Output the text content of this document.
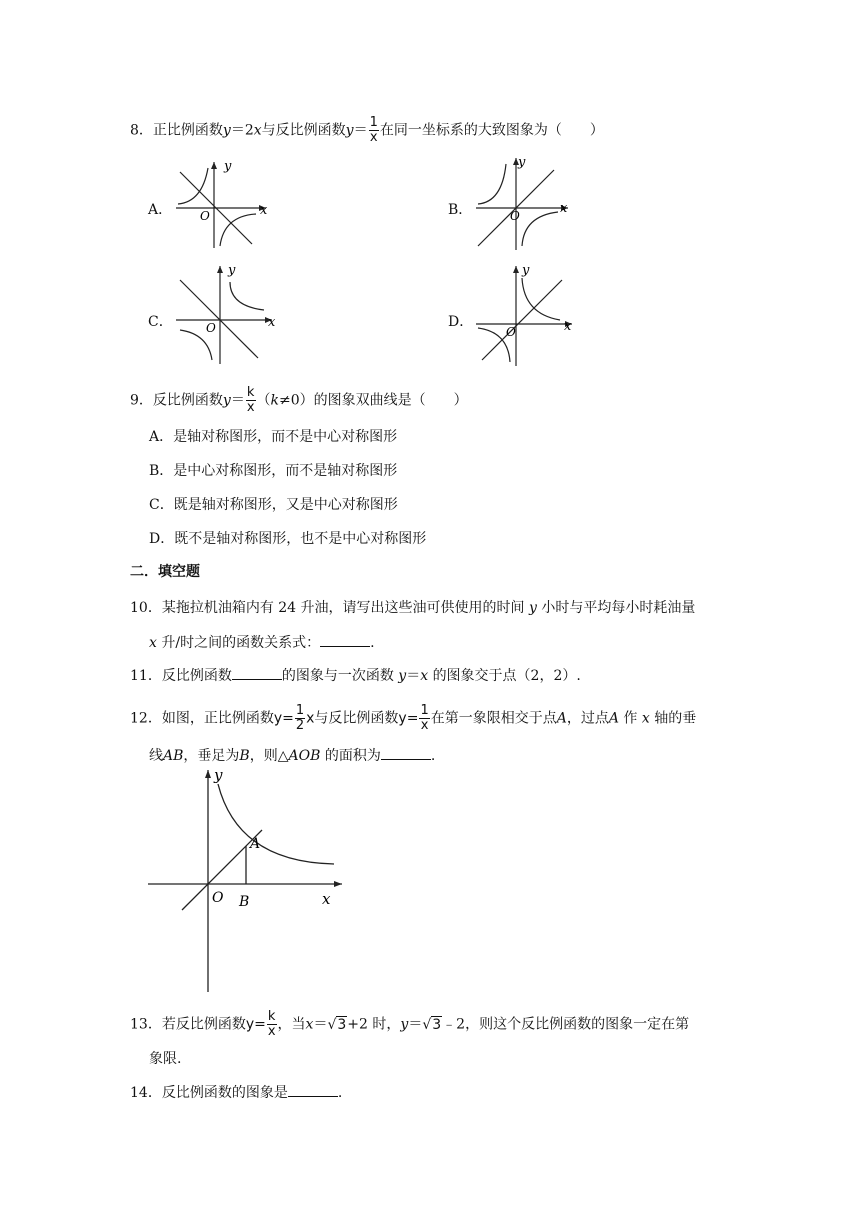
8．正比例函数y＝2x与反比例函数$y= \frac{1}{x}$ 在同一坐标系的大致图象为（　　）
A．
y
x
O	B．
y
x
O
C．
y
x
O	D．
y
x
O
9．反比例函数$y= \frac{k}{x} (k\ne 0)$的图象双曲线是（　　）
A．是轴对称图形，而不是中心对称图形
B．是中心对称图形，而不是轴对称图形
C．既是轴对称图形，又是中心对称图形
D．既不是轴对称图形，也不是中心对称图形
二．填空题
10．某拖拉机油箱内有 24 升油，请写出这些油可供使用的时间 y 小时与平均每小时耗油量
x 升/时之间的函数关系式：	.
11．反比例函数	的图象与一次函数 y＝x 的图象交于点（2，2）.
12．如图，正比例函数$y= \frac{1}{2}$ x与反比例函数$y= \frac{1}{x}$ 在第一象限相交于点A，过点A 作 x 轴的垂
线AB，垂足为B，则△AOB 的面积为	.
y
x
O
A
B
13．若反比例函数$y= \frac{k}{x}$ ，当x＝√3+2 时，y＝√3﹣2，则这个反比例函数的图象一定在第
象限.
14．反比例函数的图象是	.
